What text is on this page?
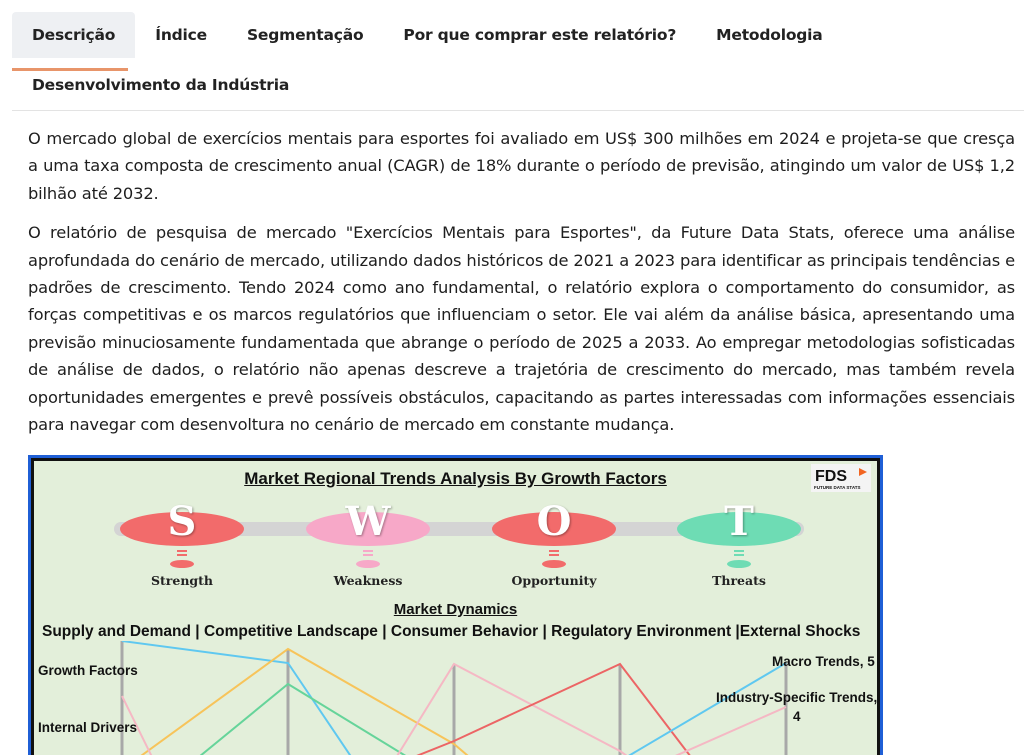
Descrição	Índice	Segmentação	Por que comprar este relatório?	Metodologia
Desenvolvimento da Indústria

O mercado global de exercícios mentais para esportes foi avaliado em US$ 300 milhões em 2024 e projeta-se que cresça a uma taxa composta de crescimento anual (CAGR) de 18% durante o período de previsão, atingindo um valor de US$ 1,2 bilhão até 2032.

O relatório de pesquisa de mercado "Exercícios Mentais para Esportes", da Future Data Stats, oferece uma análise aprofundada do cenário de mercado, utilizando dados históricos de 2021 a 2023 para identificar as principais tendências e padrões de crescimento. Tendo 2024 como ano fundamental, o relatório explora o comportamento do consumidor, as forças competitivas e os marcos regulatórios que influenciam o setor. Ele vai além da análise básica, apresentando uma previsão minuciosamente fundamentada que abrange o período de 2025 a 2033. Ao empregar metodologias sofisticadas de análise de dados, o relatório não apenas descreve a trajetória de crescimento do mercado, mas também revela oportunidades emergentes e prevê possíveis obstáculos, capacitando as partes interessadas com informações essenciais para navegar com desenvoltura no cenário de mercado em constante mudança.

Market Regional Trends Analysis By Growth Factors	FDS
FUTURE DATA STATS
S
Strength
W
Weakness
O
Opportunity
T
Threats
Market Dynamics
Supply and Demand | Competitive Landscape | Consumer Behavior | Regulatory Environment |External Shocks
Growth Factors
Internal Drivers
Macro Trends, 5
Industry-Specific Trends,
4
